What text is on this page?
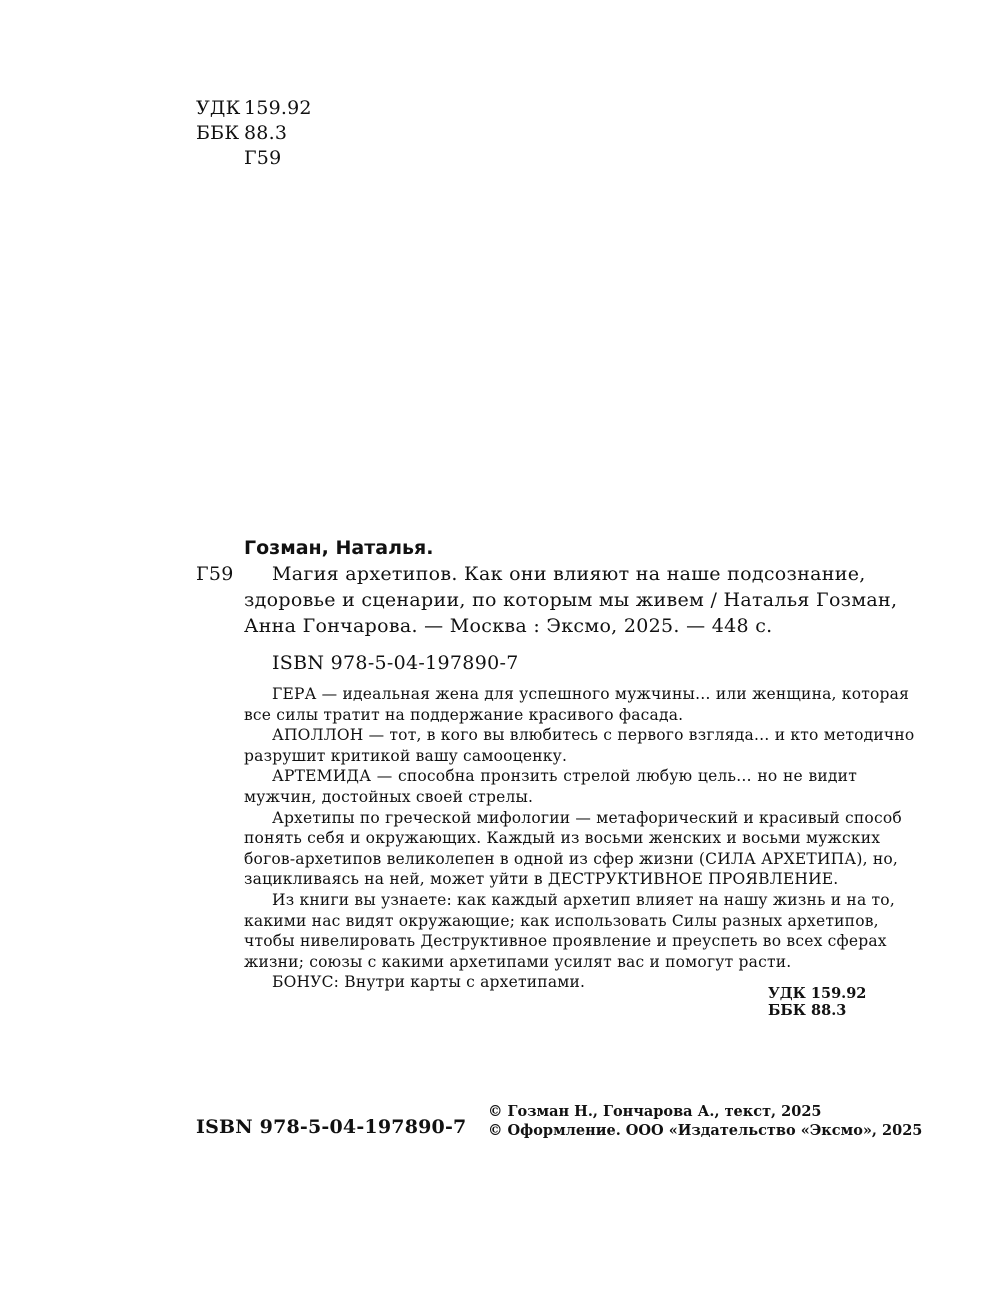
УДК 159.92
ББК 88.3
Г59
Гозман, Наталья.
Г59 Магия архетипов. Как они влияют на наше подсознание,
здоровье и сценарии, по которым мы живем / Наталья Гозман,
Анна Гончарова. — Москва : Эксмо, 2025. — 448 с.
ISBN 978-5-04-197890-7
ГЕРА — идеальная жена для успешного мужчины… или женщина, которая
все силы тратит на поддержание красивого фасада.
АПОЛЛОН — тот, в кого вы влюбитесь с первого взгляда… и кто методично
разрушит критикой вашу самооценку.
АРТЕМИДА — способна пронзить стрелой любую цель… но не видит
мужчин, достойных своей стрелы.
Архетипы по греческой мифологии — метафорический и красивый способ
понять себя и окружающих. Каждый из восьми женских и восьми мужских
богов-архетипов великолепен в одной из сфер жизни (СИЛА АРХЕТИПА), но,
зацикливаясь на ней, может уйти в ДЕСТРУКТИВНОЕ ПРОЯВЛЕНИЕ.
Из книги вы узнаете: как каждый архетип влияет на нашу жизнь и на то,
какими нас видят окружающие; как использовать Силы разных архетипов,
чтобы нивелировать Деструктивное проявление и преуспеть во всех сферах
жизни; союзы с какими архетипами усилят вас и помогут расти.
БОНУС: Внутри карты с архетипами.
УДК 159.92
ББК 88.3
ISBN 978-5-04-197890-7
© Гозман Н., Гончарова А., текст, 2025
© Оформление. ООО «Издательство «Эксмо», 2025
